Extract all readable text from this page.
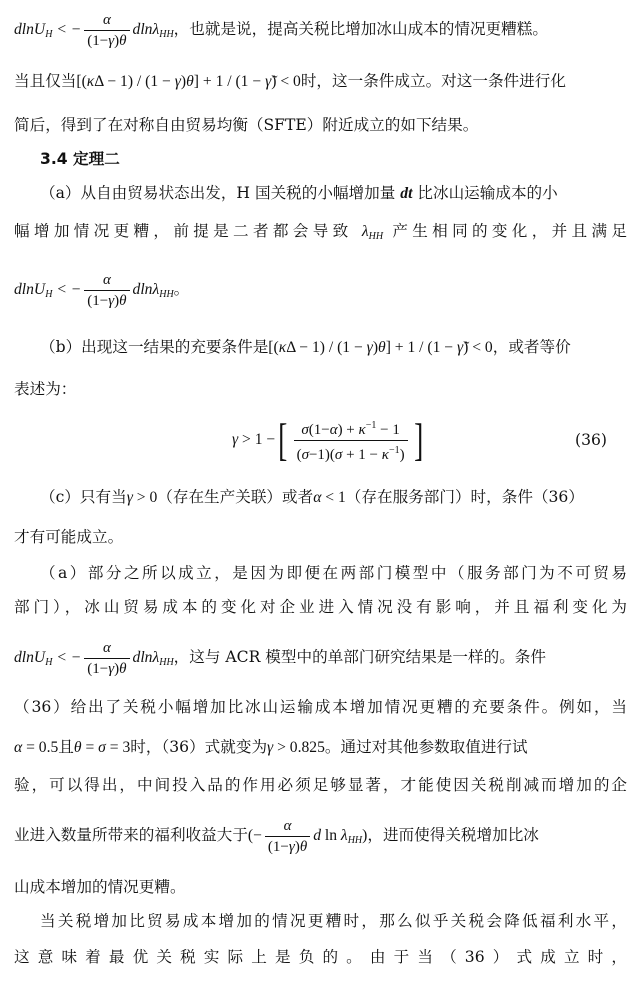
dlnU$_H$ < − $\frac{\alpha}{(1-\gamma)\theta} dln\lambda_{HH}$，也就是说，提高关税比增加冰山成本的情况更糟糕。
当且仅当[(κΔ − 1) / (1 − γ)θ] + 1 / (1 − γ̃) < 0时，这一条件成立。对这一条件进行化
简后，得到了在对称自由贸易均衡（SFTE）附近成立的如下结果。
3.4 定理二
（a）从自由贸易状态出发，H 国关税的小幅增加量 dt 比冰山运输成本的小
幅增加情况更糟，前提是二者都会导致 $\lambda_{HH}$ 产生相同的变化，并且满足
dlnU$_H$ < − $\frac{\alpha}{(1-\gamma)\theta} dln\lambda_{HH}$。
（b）出现这一结果的充要条件是[(κΔ − 1) / (1 − γ)θ] + 1 / (1 − γ̃) < 0，或者等价
表述为：
γ > 1 −[ $\frac{\sigma(1-\alpha) + \kappa^{-1} - 1}{(\sigma-1)(\sigma + 1 - \kappa^{-1})}$ ]	(36)
（c）只有当γ > 0（存在生产关联）或者α < 1（存在服务部门）时，条件（36）
才有可能成立。
（a）部分之所以成立，是因为即便在两部门模型中（服务部门为不可贸易
部门），冰山贸易成本的变化对企业进入情况没有影响，并且福利变化为
dlnU$_H$ < − $\frac{\alpha}{(1-\gamma)\theta} dln\lambda_{HH}$，这与 ACR 模型中的单部门研究结果是一样的。条件
（36）给出了关税小幅增加比冰山运输成本增加情况更糟的充要条件。例如，当
α = 0.5且θ = σ = 3时，（36）式就变为γ > 0.825。通过对其他参数取值进行试
验，可以得出，中间投入品的作用必须足够显著，才能使因关税削减而增加的企
业进入数量所带来的福利收益大于(− $\frac{\alpha}{(1-\gamma)\theta}$ d $\ln \lambda_{HH}$)，进而使得关税增加比冰
山成本增加的情况更糟。
当关税增加比贸易成本增加的情况更糟时，那么似乎关税会降低福利水平，
这意味着最优关税实际上是负的。由于当（36）式成立时，
